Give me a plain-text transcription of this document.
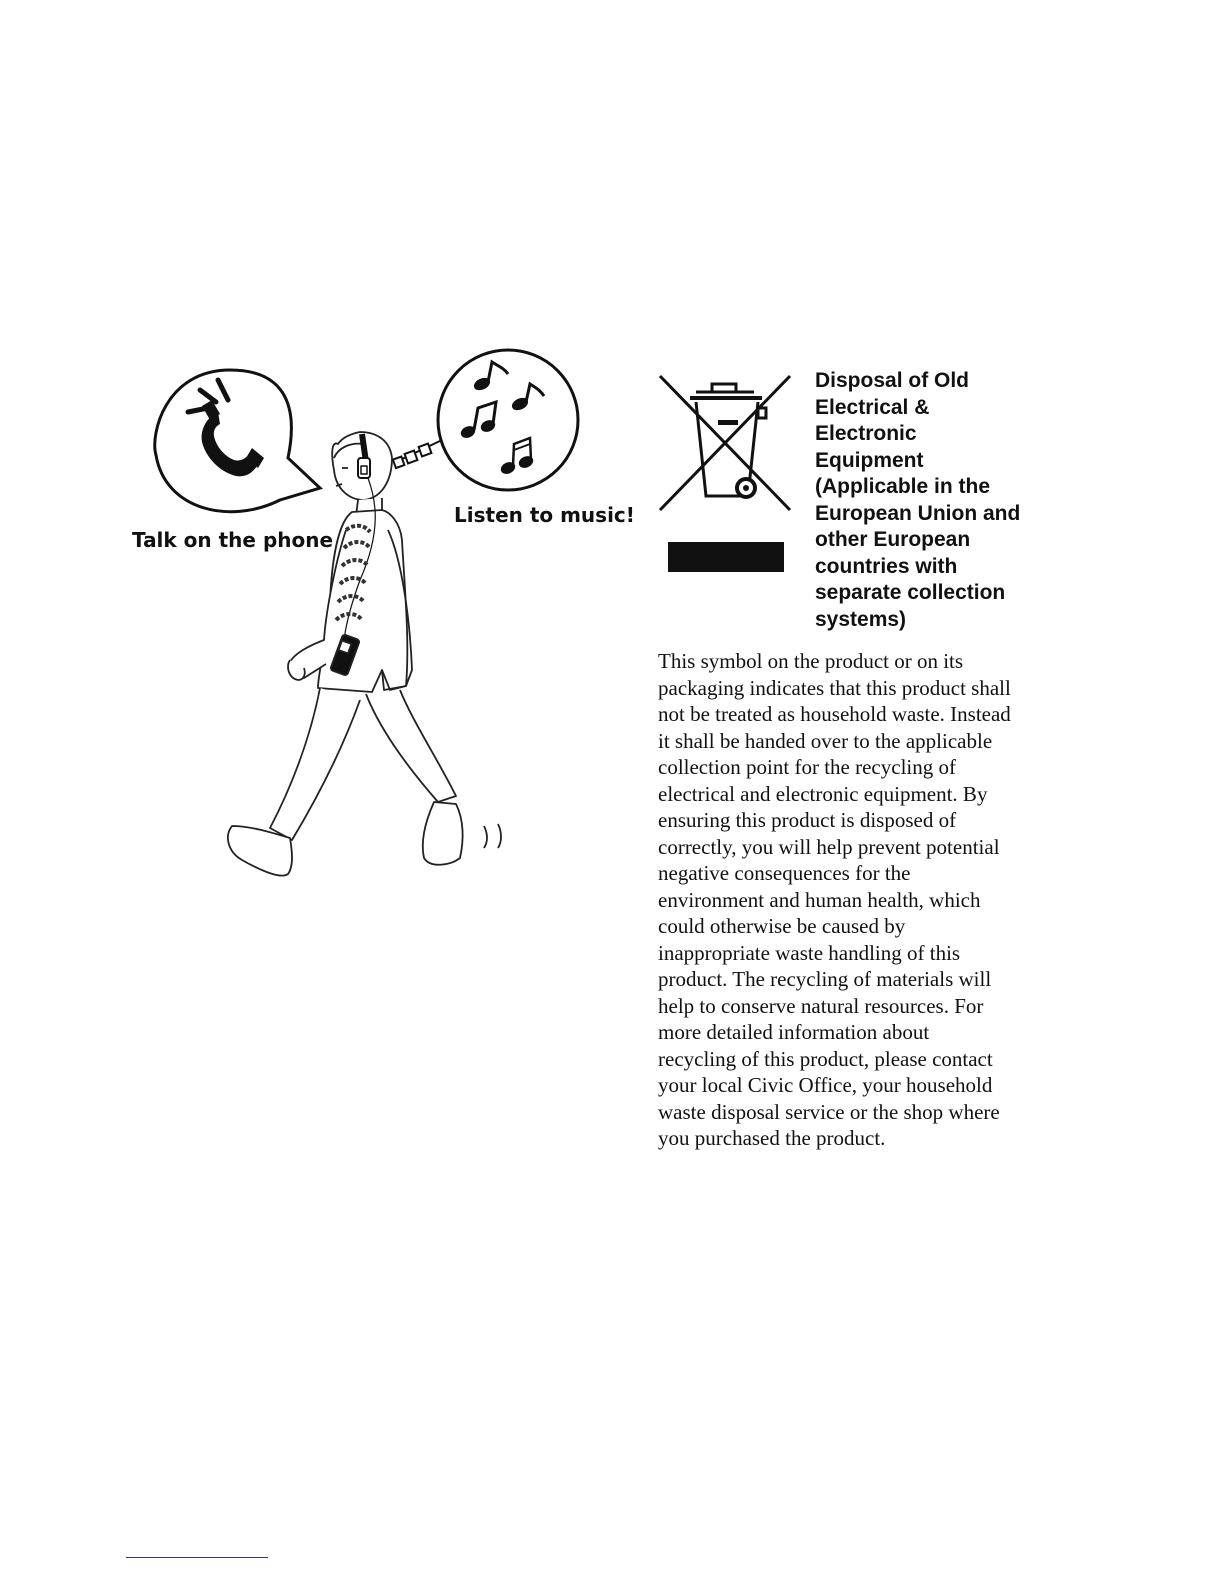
Talk on the phone
Listen to music!
Disposal of Old
Electrical &
Electronic
Equipment
(Applicable in the
European Union and
other European
countries with
separate collection
systems)

This symbol on the product or on its
packaging indicates that this product shall
not be treated as household waste. Instead
it shall be handed over to the applicable
collection point for the recycling of
electrical and electronic equipment. By
ensuring this product is disposed of
correctly, you will help prevent potential
negative consequences for the
environment and human health, which
could otherwise be caused by
inappropriate waste handling of this
product. The recycling of materials will
help to conserve natural resources. For
more detailed information about
recycling of this product, please contact
your local Civic Office, your household
waste disposal service or the shop where
you purchased the product.
